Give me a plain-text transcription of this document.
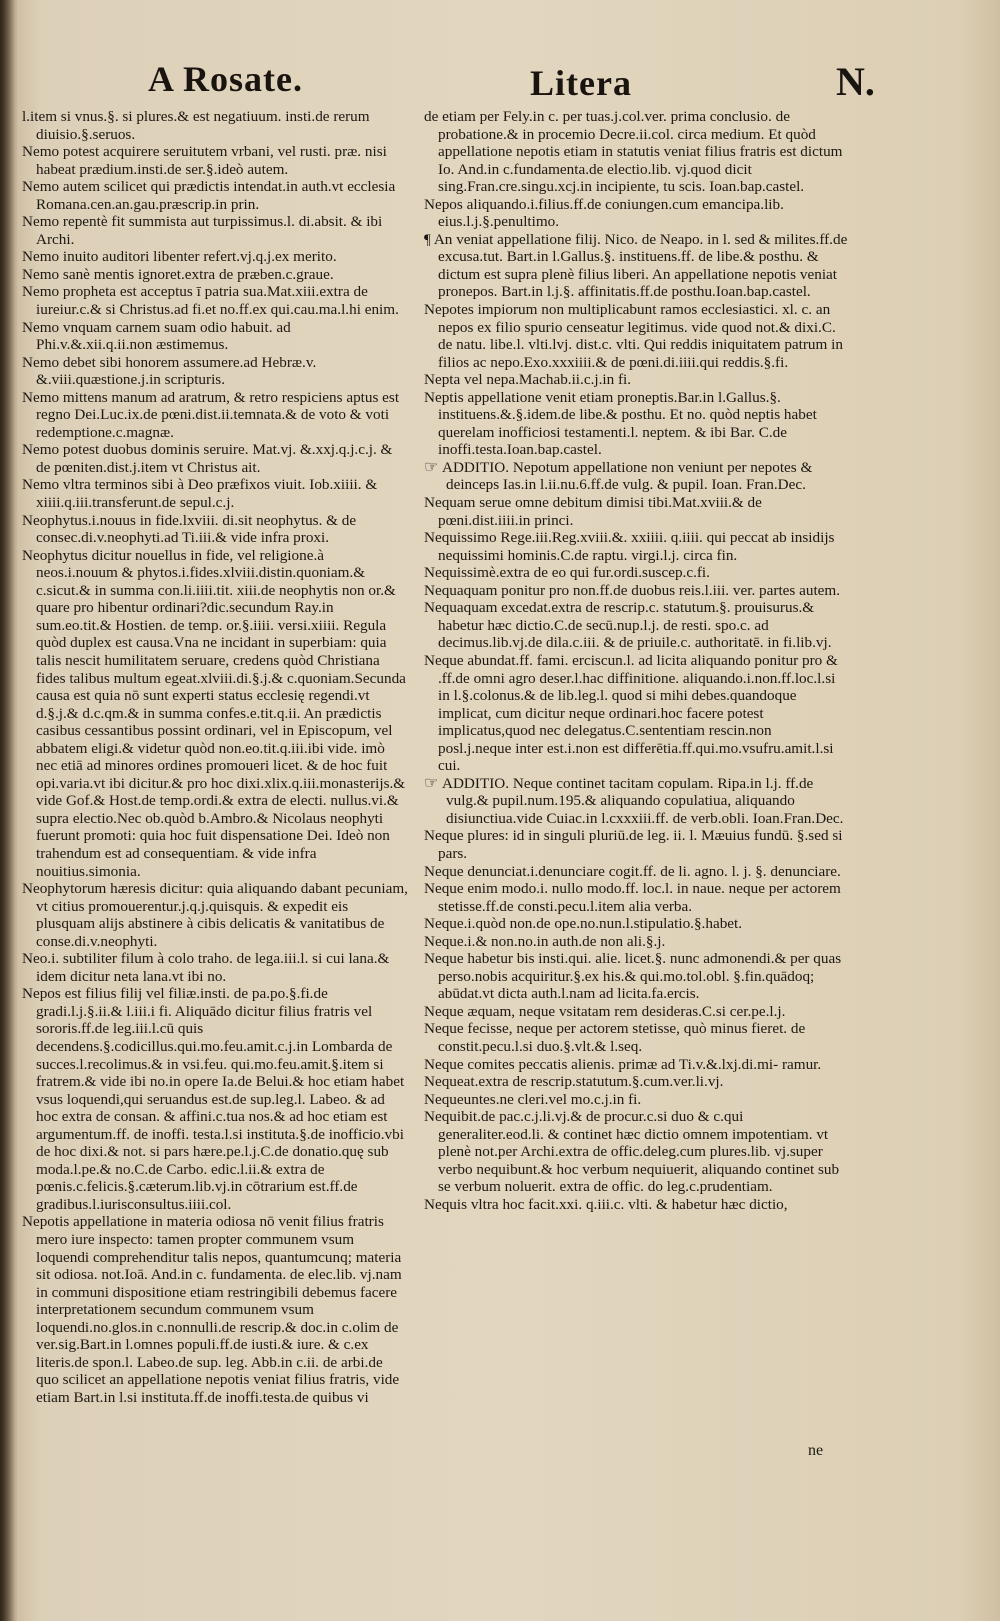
A Rosate.	Litera	N.

l.item si vnus.§. si plures.& est negatiuum. insti.de rerum diuisio.§.seruos.

Nemo potest acquirere seruitutem vrbani, vel rusti. præ. nisi habeat prædium.insti.de ser.§.ideò autem.

Nemo autem scilicet qui prædictis intendat.in auth.vt ecclesia Romana.cen.an.gau.præscrip.in prin.

Nemo repentè fit summista aut turpissimus.l. di.absit. & ibi Archi.

Nemo inuito auditori libenter refert.vj.q.j.ex merito.

Nemo sanè mentis ignoret.extra de præben.c.graue.

Nemo propheta est acceptus ī patria sua.Mat.xiii.extra de iureiur.c.& si Christus.ad fi.et no.ff.ex qui.cau.ma.l.hi enim.

Nemo vnquam carnem suam odio habuit. ad Phi.v.&.xii.q.ii.non æstimemus.

Nemo debet sibi honorem assumere.ad Hebræ.v. &.viii.quæstione.j.in scripturis.

Nemo mittens manum ad aratrum, & retro respiciens aptus est regno Dei.Luc.ix.de pœni.dist.ii.temnata.& de voto & voti redemptione.c.magnæ.

Nemo potest duobus dominis seruire. Mat.vj. &.xxj.q.j.c.j. & de pœniten.dist.j.item vt Christus ait.

Nemo vltra terminos sibi à Deo præfixos viuit. Iob.xiiii. & xiiii.q.iii.transferunt.de sepul.c.j.

Neophytus.i.nouus in fide.lxviii. di.sit neophytus. & de consec.di.v.neophyti.ad Ti.iii.& vide infra proxi.

Neophytus dicitur nouellus in fide, vel religione.à neos.i.nouum & phytos.i.fides.xlviii.distin.quoniam.& c.sicut.& in summa con.li.iiii.tit. xiii.de neophytis non or.& quare pro hibentur ordinari?dic.secundum Ray.in sum.eo.tit.& Hostien. de temp. or.§.iiii. versi.xiiii. Regula quòd duplex est causa.Vna ne incidant in superbiam: quia talis nescit humilitatem seruare, credens quòd Christiana fides talibus multum egeat.xlviii.di.§.j.& c.quoniam.Secunda causa est quia nō sunt experti status ecclesię regendi.vt d.§.j.& d.c.qm.& in summa confes.e.tit.q.ii. An prædictis casibus cessantibus possint ordinari, vel in Episcopum, vel abbatem eligi.& videtur quòd non.eo.tit.q.iii.ibi vide. imò nec etiā ad minores ordines promoueri licet. & de hoc fuit opi.varia.vt ibi dicitur.& pro hoc dixi.xlix.q.iii.monasterijs.& vide Gof.& Host.de temp.ordi.& extra de electi. nullus.vi.& supra electio.Nec ob.quòd b.Ambro.& Nicolaus neophyti fuerunt promoti: quia hoc fuit dispensatione Dei. Ideò non trahendum est ad consequentiam. & vide infra nouitius.simonia.

Neophytorum hæresis dicitur: quia aliquando dabant pecuniam, vt citius promouerentur.j.q.j.quisquis. & expedit eis plusquam alijs abstinere à cibis delicatis & vanitatibus de conse.di.v.neophyti.

Neo.i. subtiliter filum à colo traho. de lega.iii.l. si cui lana.& idem dicitur neta lana.vt ibi no.

Nepos est filius filij vel filiæ.insti. de pa.po.§.fi.de gradi.l.j.§.ii.& l.iii.i fi. Aliquādo dicitur filius fratris vel sororis.ff.de leg.iii.l.cū quis decendens.§.codicillus.qui.mo.feu.amit.c.j.in Lombarda de succes.l.recolimus.& in vsi.feu. qui.mo.feu.amit.§.item si fratrem.& vide ibi no.in opere Ia.de Belui.& hoc etiam habet vsus loquendi,qui seruandus est.de sup.leg.l. Labeo. & ad hoc extra de consan. & affini.c.tua nos.& ad hoc etiam est argumentum.ff. de inoffi. testa.l.si instituta.§.de inofficio.vbi de hoc dixi.& not. si pars hære.pe.l.j.C.de donatio.quę sub moda.l.pe.& no.C.de Carbo. edic.l.ii.& extra de pœnis.c.felicis.§.cæterum.lib.vj.in cōtrarium est.ff.de gradibus.l.iurisconsultus.iiii.col.

Nepotis appellatione in materia odiosa nō venit filius fratris mero iure inspecto: tamen propter communem vsum loquendi comprehenditur talis nepos, quantumcunq; materia sit odiosa. not.Ioā. And.in c. fundamenta. de elec.lib. vj.nam in communi dispositione etiam restringibili debemus facere interpretationem secundum communem vsum loquendi.no.glos.in c.nonnulli.de rescrip.& doc.in c.olim de ver.sig.Bart.in l.omnes populi.ff.de iusti.& iure. & c.ex literis.de spon.l. Labeo.de sup. leg. Abb.in c.ii. de arbi.de quo scilicet an appellatione nepotis veniat filius fratris, vide etiam Bart.in l.si instituta.ff.de inoffi.testa.de quibus vi

de etiam per Fely.in c. per tuas.j.col.ver. prima conclusio. de probatione.& in procemio Decre.ii.col. circa medium. Et quòd appellatione nepotis etiam in statutis veniat filius fratris est dictum Io. And.in c.fundamenta.de electio.lib. vj.quod dicit sing.Fran.cre.singu.xcj.in incipiente, tu scis. Ioan.bap.castel.

Nepos aliquando.i.filius.ff.de coniungen.cum emancipa.lib. eius.l.j.§.penultimo.

¶ An veniat appellatione filij. Nico. de Neapo. in l. sed & milites.ff.de excusa.tut. Bart.in l.Gallus.§. instituens.ff. de libe.& posthu. & dictum est supra plenè filius liberi. An appellatione nepotis veniat pronepos. Bart.in l.j.§. affinitatis.ff.de posthu.Ioan.bap.castel.

Nepotes impiorum non multiplicabunt ramos ecclesiastici. xl. c. an nepos ex filio spurio censeatur legitimus. vide quod not.& dixi.C. de natu. libe.l. vlti.lvj. dist.c. vlti. Qui reddis iniquitatem patrum in filios ac nepo.Exo.xxxiiii.& de pœni.di.iiii.qui reddis.§.fi.

Nepta vel nepa.Machab.ii.c.j.in fi.

Neptis appellatione venit etiam proneptis.Bar.in l.Gallus.§. instituens.&.§.idem.de libe.& posthu. Et no. quòd neptis habet querelam inofficiosi testamenti.l. neptem. & ibi Bar. C.de inoffi.testa.Ioan.bap.castel.

☞ ADDITIO. Nepotum appellatione non veniunt per nepotes & deinceps Ias.in l.ii.nu.6.ff.de vulg. & pupil. Ioan. Fran.Dec.

Nequam serue omne debitum dimisi tibi.Mat.xviii.& de pœni.dist.iiii.in princi.

Nequissimo Rege.iii.Reg.xviii.&. xxiiii. q.iiii. qui peccat ab insidijs nequissimi hominis.C.de raptu. virgi.l.j. circa fin.

Nequissimè.extra de eo qui fur.ordi.suscep.c.fi.

Nequaquam ponitur pro non.ff.de duobus reis.l.iii. ver. partes autem.

Nequaquam excedat.extra de rescrip.c. statutum.§. prouisurus.& habetur hæc dictio.C.de secū.nup.l.j. de resti. spo.c. ad decimus.lib.vj.de dila.c.iii. & de priuile.c. authoritatē. in fi.lib.vj.

Neque abundat.ff. fami. erciscun.l. ad licita aliquando ponitur pro & .ff.de omni agro deser.l.hac diffinitione. aliquando.i.non.ff.loc.l.si in l.§.colonus.& de lib.leg.l. quod si mihi debes.quandoque implicat, cum dicitur neque ordinari.hoc facere potest implicatus,quod nec delegatus.C.sententiam rescin.non posl.j.neque inter est.i.non est differētia.ff.qui.mo.vsufru.amit.l.si cui.

☞ ADDITIO. Neque continet tacitam copulam. Ripa.in l.j. ff.de vulg.& pupil.num.195.& aliquando copulatiua, aliquando disiunctiua.vide Cuiac.in l.cxxxiii.ff. de verb.obli. Ioan.Fran.Dec.

Neque plures: id in singuli pluriū.de leg. ii. l. Mæuius fundū. §.sed si pars.

Neque denunciat.i.denunciare cogit.ff. de li. agno. l. j. §. denunciare.

Neque enim modo.i. nullo modo.ff. loc.l. in naue. neque per actorem stetisse.ff.de consti.pecu.l.item alia verba.

Neque.i.quòd non.de ope.no.nun.l.stipulatio.§.habet.

Neque.i.& non.no.in auth.de non ali.§.j.

Neque habetur bis insti.qui. alie. licet.§. nunc admonendi.& per quas perso.nobis acquiritur.§.ex his.& qui.mo.tol.obl. §.fin.quādoq; abūdat.vt dicta auth.l.nam ad licita.fa.ercis.

Neque æquam, neque vsitatam rem desideras.C.si cer.pe.l.j.

Neque fecisse, neque per actorem stetisse, quò minus fieret. de constit.pecu.l.si duo.§.vlt.& l.seq.

Neque comites peccatis alienis. primæ ad Ti.v.&.lxj.di.mi- ramur.

Nequeat.extra de rescrip.statutum.§.cum.ver.li.vj.

Nequeuntes.ne cleri.vel mo.c.j.in fi.

Nequibit.de pac.c.j.li.vj.& de procur.c.si duo & c.qui generaliter.eod.li. & continet hæc dictio omnem impotentiam. vt plenè not.per Archi.extra de offic.deleg.cum plures.lib. vj.super verbo nequibunt.& hoc verbum nequiuerit, aliquando continet sub se verbum noluerit. extra de offic. do leg.c.prudentiam.

Nequis vltra hoc facit.xxi. q.iii.c. vlti. & habetur hæc dictio,

ne
